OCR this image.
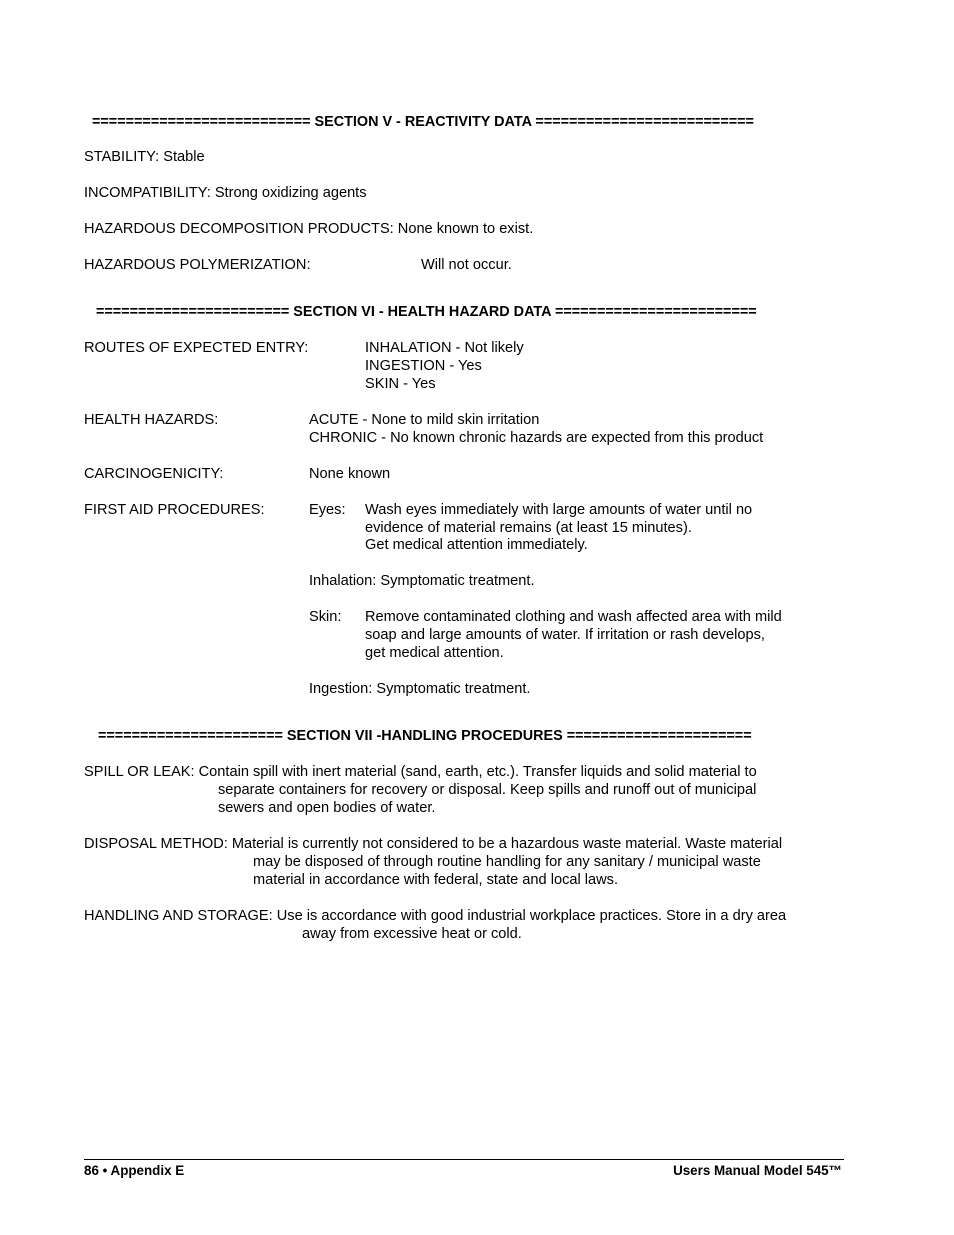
========================== SECTION V - REACTIVITY DATA ==========================
STABILITY: Stable
INCOMPATIBILITY: Strong oxidizing agents
HAZARDOUS DECOMPOSITION PRODUCTS: None known to exist.
HAZARDOUS POLYMERIZATION:	Will not occur.
======================= SECTION VI - HEALTH HAZARD DATA ========================
ROUTES OF EXPECTED ENTRY:	INHALATION - Not likely
INGESTION - Yes
SKIN - Yes
HEALTH HAZARDS:	ACUTE - None to mild skin irritation
CHRONIC - No known chronic hazards are expected from this product
CARCINOGENICITY:	None known
FIRST AID PROCEDURES:	Eyes: Wash eyes immediately with large amounts of water until no
evidence of material remains (at least 15 minutes).
Get medical attention immediately.
Inhalation: Symptomatic treatment.
Skin: Remove contaminated clothing and wash affected area with mild
soap and large amounts of water. If irritation or rash develops,
get medical attention.
Ingestion: Symptomatic treatment.
====================== SECTION VII -HANDLING PROCEDURES ======================
SPILL OR LEAK: Contain spill with inert material (sand, earth, etc.). Transfer liquids and solid material to
separate containers for recovery or disposal. Keep spills and runoff out of municipal
sewers and open bodies of water.
DISPOSAL METHOD: Material is currently not considered to be a hazardous waste material. Waste material
may be disposed of through routine handling for any sanitary / municipal waste
material in accordance with federal, state and local laws.
HANDLING AND STORAGE: Use is accordance with good industrial workplace practices. Store in a dry area
away from excessive heat or cold.
86 • Appendix E	Users Manual Model 545™
